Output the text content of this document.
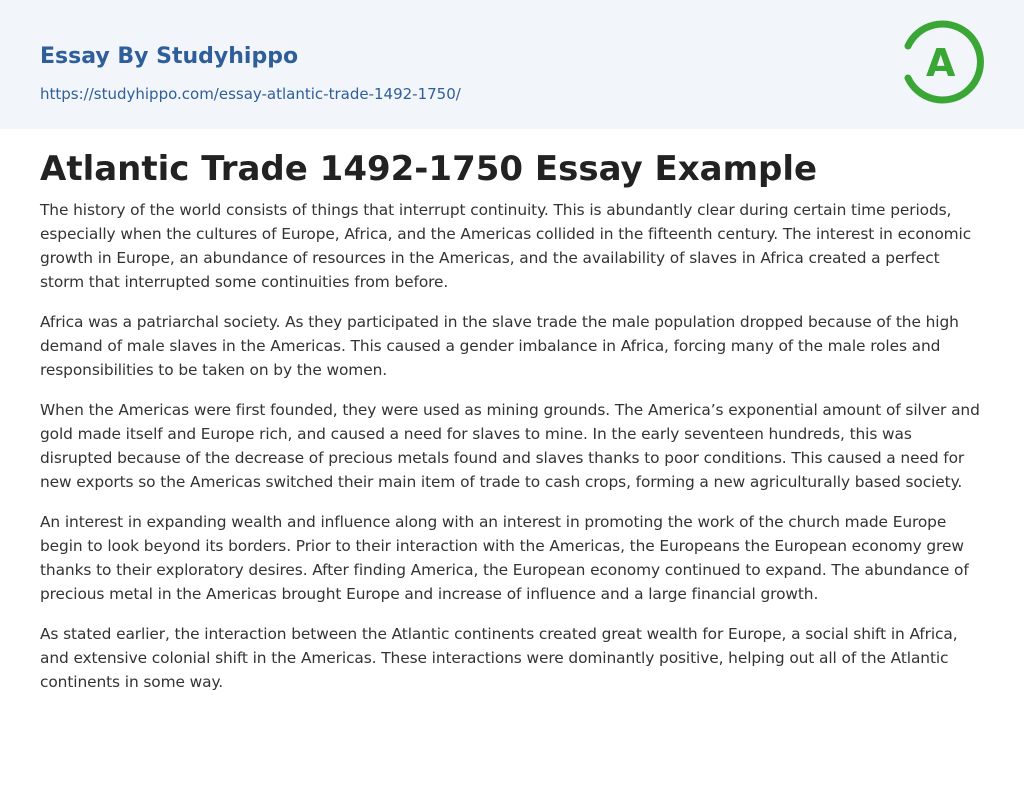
Essay By Studyhippo
https://studyhippo.com/essay-atlantic-trade-1492-1750/
A
Atlantic Trade 1492-1750 Essay Example

The history of the world consists of things that interrupt continuity. This is abundantly clear during certain time periods, especially when the cultures of Europe, Africa, and the Americas collided in the fifteenth century. The interest in economic growth in Europe, an abundance of resources in the Americas, and the availability of slaves in Africa created a perfect storm that interrupted some continuities from before.

Africa was a patriarchal society. As they participated in the slave trade the male population dropped because of the high demand of male slaves in the Americas. This caused a gender imbalance in Africa, forcing many of the male roles and responsibilities to be taken on by the women.

When the Americas were first founded, they were used as mining grounds. The America’s exponential amount of silver and gold made itself and Europe rich, and caused a need for slaves to mine. In the early seventeen hundreds, this was disrupted because of the decrease of precious metals found and slaves thanks to poor conditions. This caused a need for new exports so the Americas switched their main item of trade to cash crops, forming a new agriculturally based society.

An interest in expanding wealth and influence along with an interest in promoting the work of the church made Europe begin to look beyond its borders. Prior to their interaction with the Americas, the Europeans the European economy grew thanks to their exploratory desires. After finding America, the European economy continued to expand. The abundance of precious metal in the Americas brought Europe and increase of influence and a large financial growth.

As stated earlier, the interaction between the Atlantic continents created great wealth for Europe, a social shift in Africa, and extensive colonial shift in the Americas. These interactions were dominantly positive, helping out all of the Atlantic continents in some way.
